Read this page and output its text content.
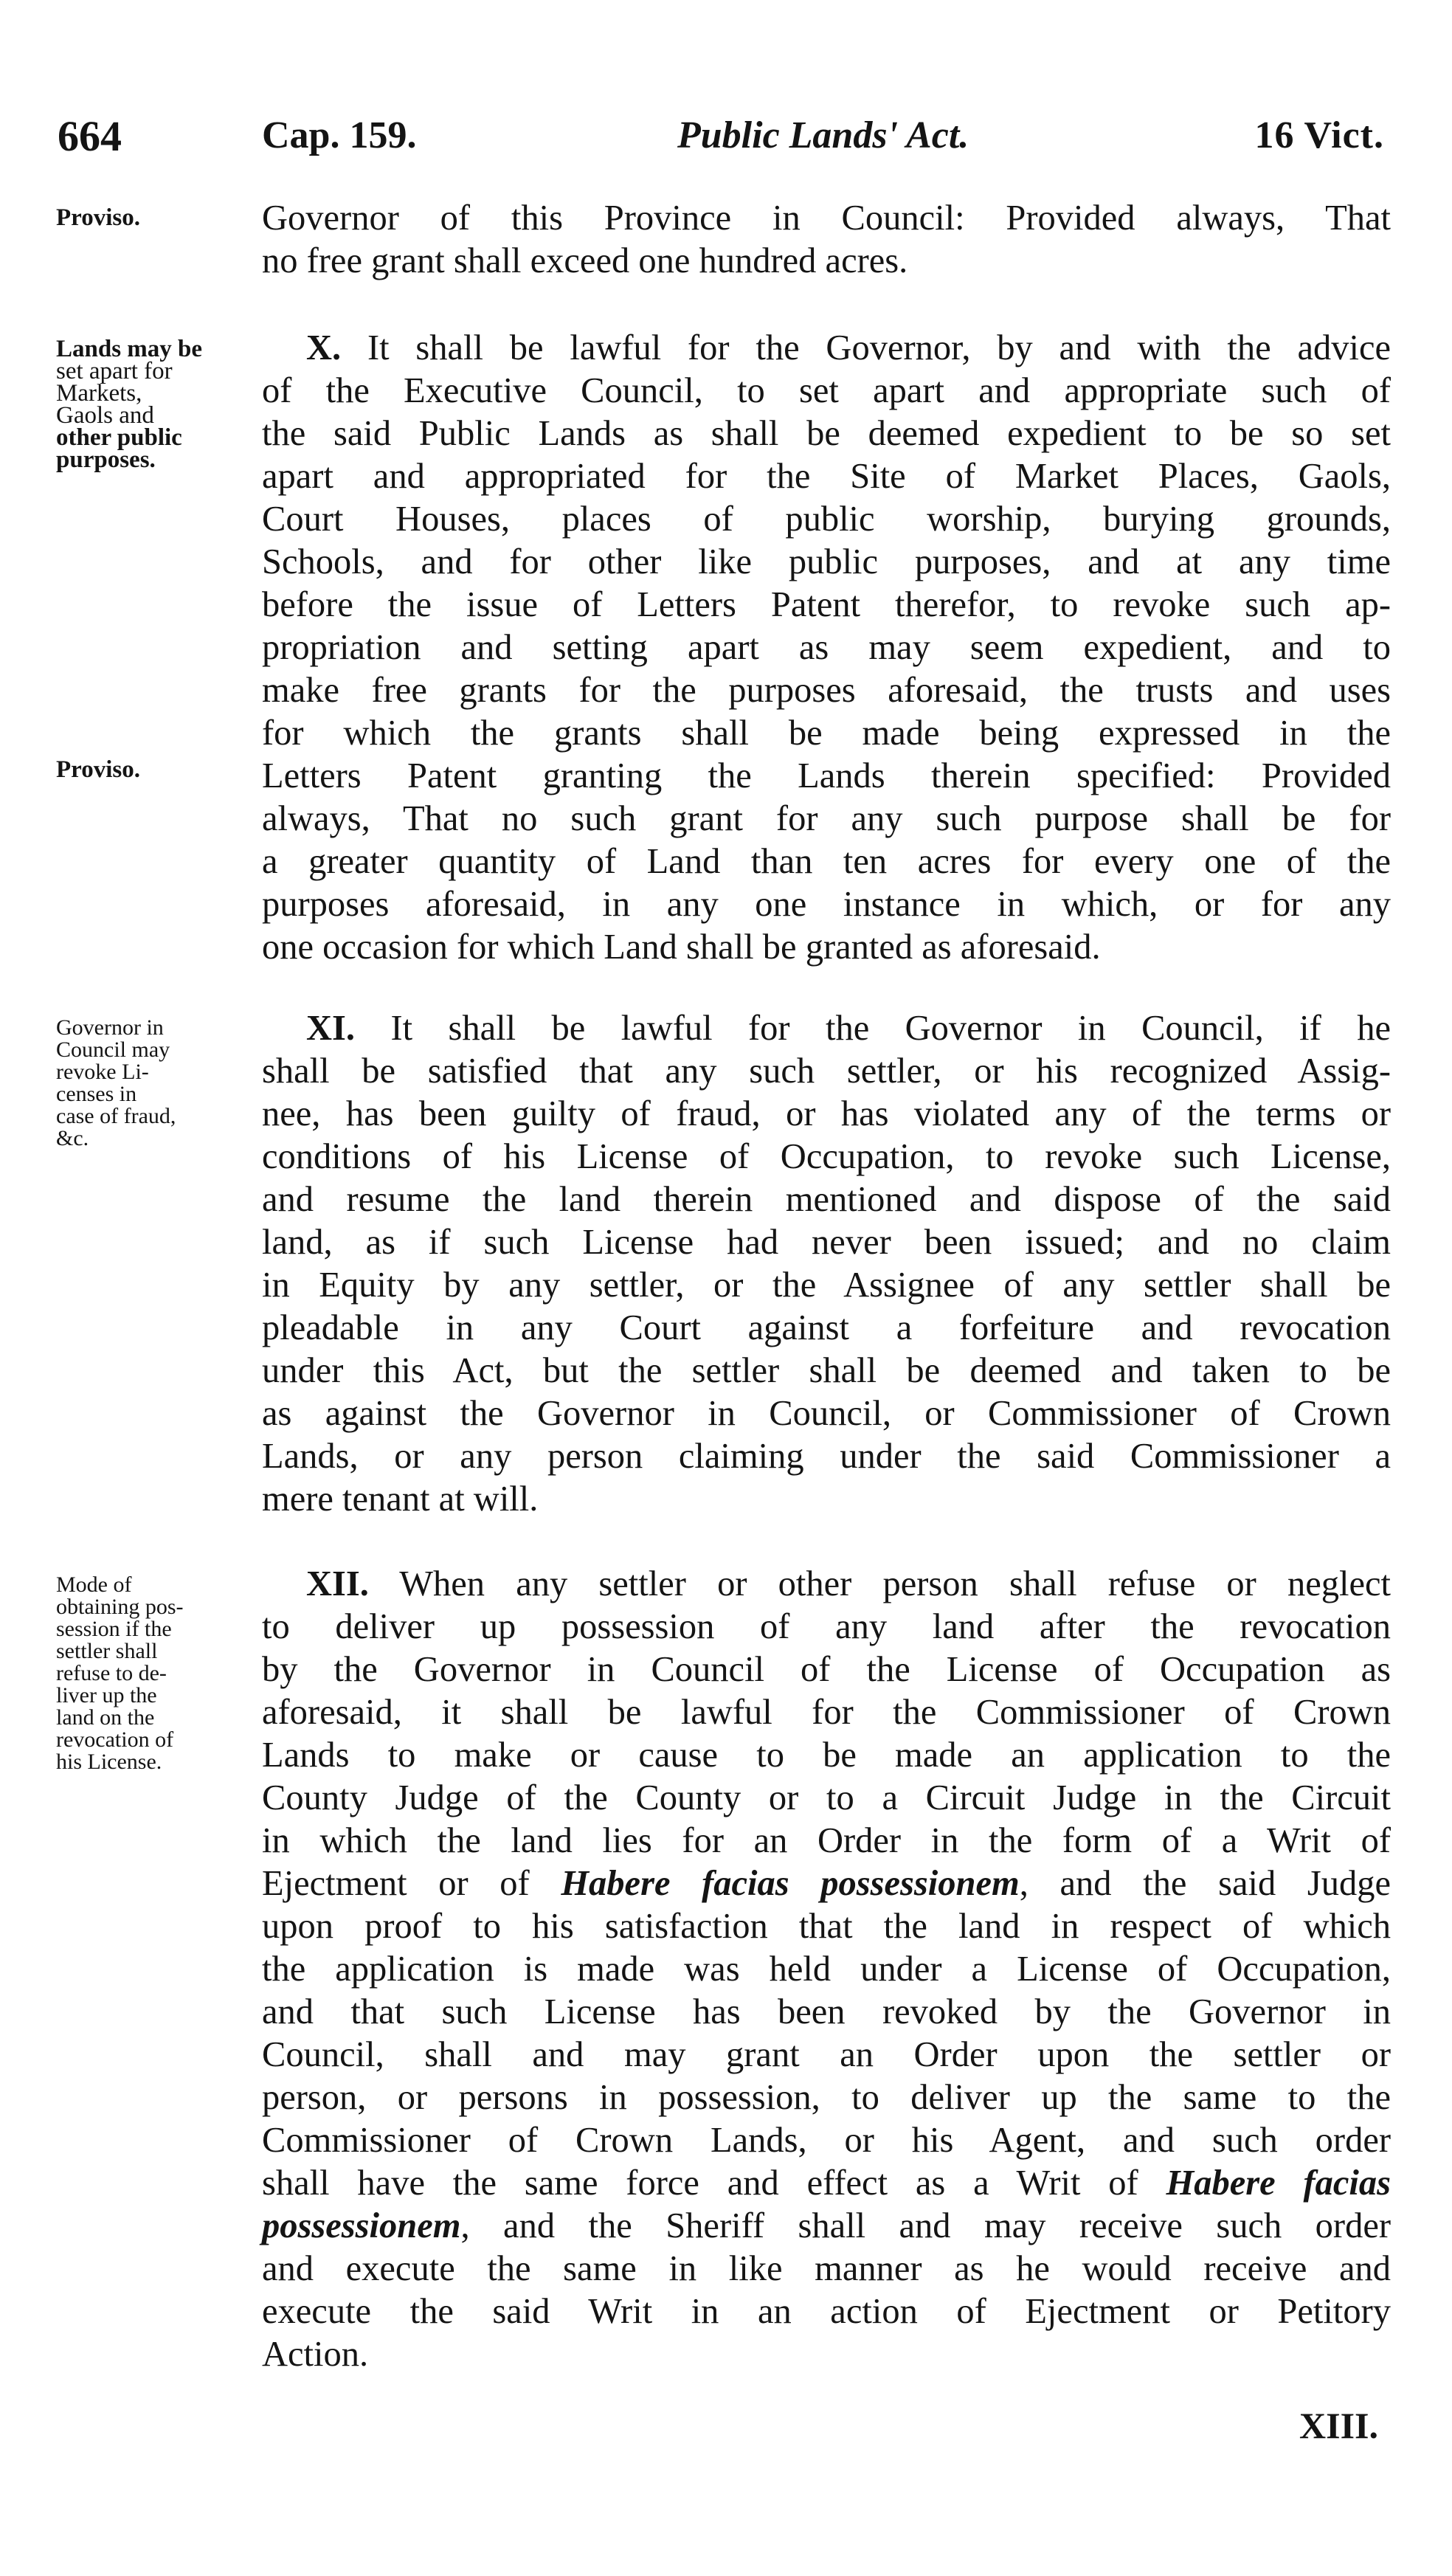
664	Cap. 159.	Public Lands' Act.	16 Vict.
Proviso.
Lands may be
set apart for
Markets,
Gaols and
other public
purposes.
Proviso.
Governor in
Council may
revoke Li-
censes in
case of fraud,
&c.
Mode of
obtaining pos-
session if the
settler shall
refuse to de-
liver up the
land on the
revocation of
his License.
Governor of this Province in Council: Provided always, That
no free grant shall exceed one hundred acres.
X. It shall be lawful for the Governor, by and with the advice
of the Executive Council, to set apart and appropriate such of
the said Public Lands as shall be deemed expedient to be so set
apart and appropriated for the Site of Market Places, Gaols,
Court Houses, places of public worship, burying grounds,
Schools, and for other like public purposes, and at any time
before the issue of Letters Patent therefor, to revoke such ap-
propriation and setting apart as may seem expedient, and to
make free grants for the purposes aforesaid, the trusts and uses
for which the grants shall be made being expressed in the
Letters Patent granting the Lands therein specified: Provided
always, That no such grant for any such purpose shall be for
a greater quantity of Land than ten acres for every one of the
purposes aforesaid, in any one instance in which, or for any
one occasion for which Land shall be granted as aforesaid.
XI. It shall be lawful for the Governor in Council, if he
shall be satisfied that any such settler, or his recognized Assig-
nee, has been guilty of fraud, or has violated any of the terms or
conditions of his License of Occupation, to revoke such License,
and resume the land therein mentioned and dispose of the said
land, as if such License had never been issued; and no claim
in Equity by any settler, or the Assignee of any settler shall be
pleadable in any Court against a forfeiture and revocation
under this Act, but the settler shall be deemed and taken to be
as against the Governor in Council, or Commissioner of Crown
Lands, or any person claiming under the said Commissioner a
mere tenant at will.
XII. When any settler or other person shall refuse or neglect
to deliver up possession of any land after the revocation
by the Governor in Council of the License of Occupation as
aforesaid, it shall be lawful for the Commissioner of Crown
Lands to make or cause to be made an application to the
County Judge of the County or to a Circuit Judge in the Circuit
in which the land lies for an Order in the form of a Writ of
Ejectment or of Habere facias possessionem, and the said Judge
upon proof to his satisfaction that the land in respect of which
the application is made was held under a License of Occupation,
and that such License has been revoked by the Governor in
Council, shall and may grant an Order upon the settler or
person, or persons in possession, to deliver up the same to the
Commissioner of Crown Lands, or his Agent, and such order
shall have the same force and effect as a Writ of Habere facias
possessionem, and the Sheriff shall and may receive such order
and execute the same in like manner as he would receive and
execute the said Writ in an action of Ejectment or Petitory
Action.
XIII.
